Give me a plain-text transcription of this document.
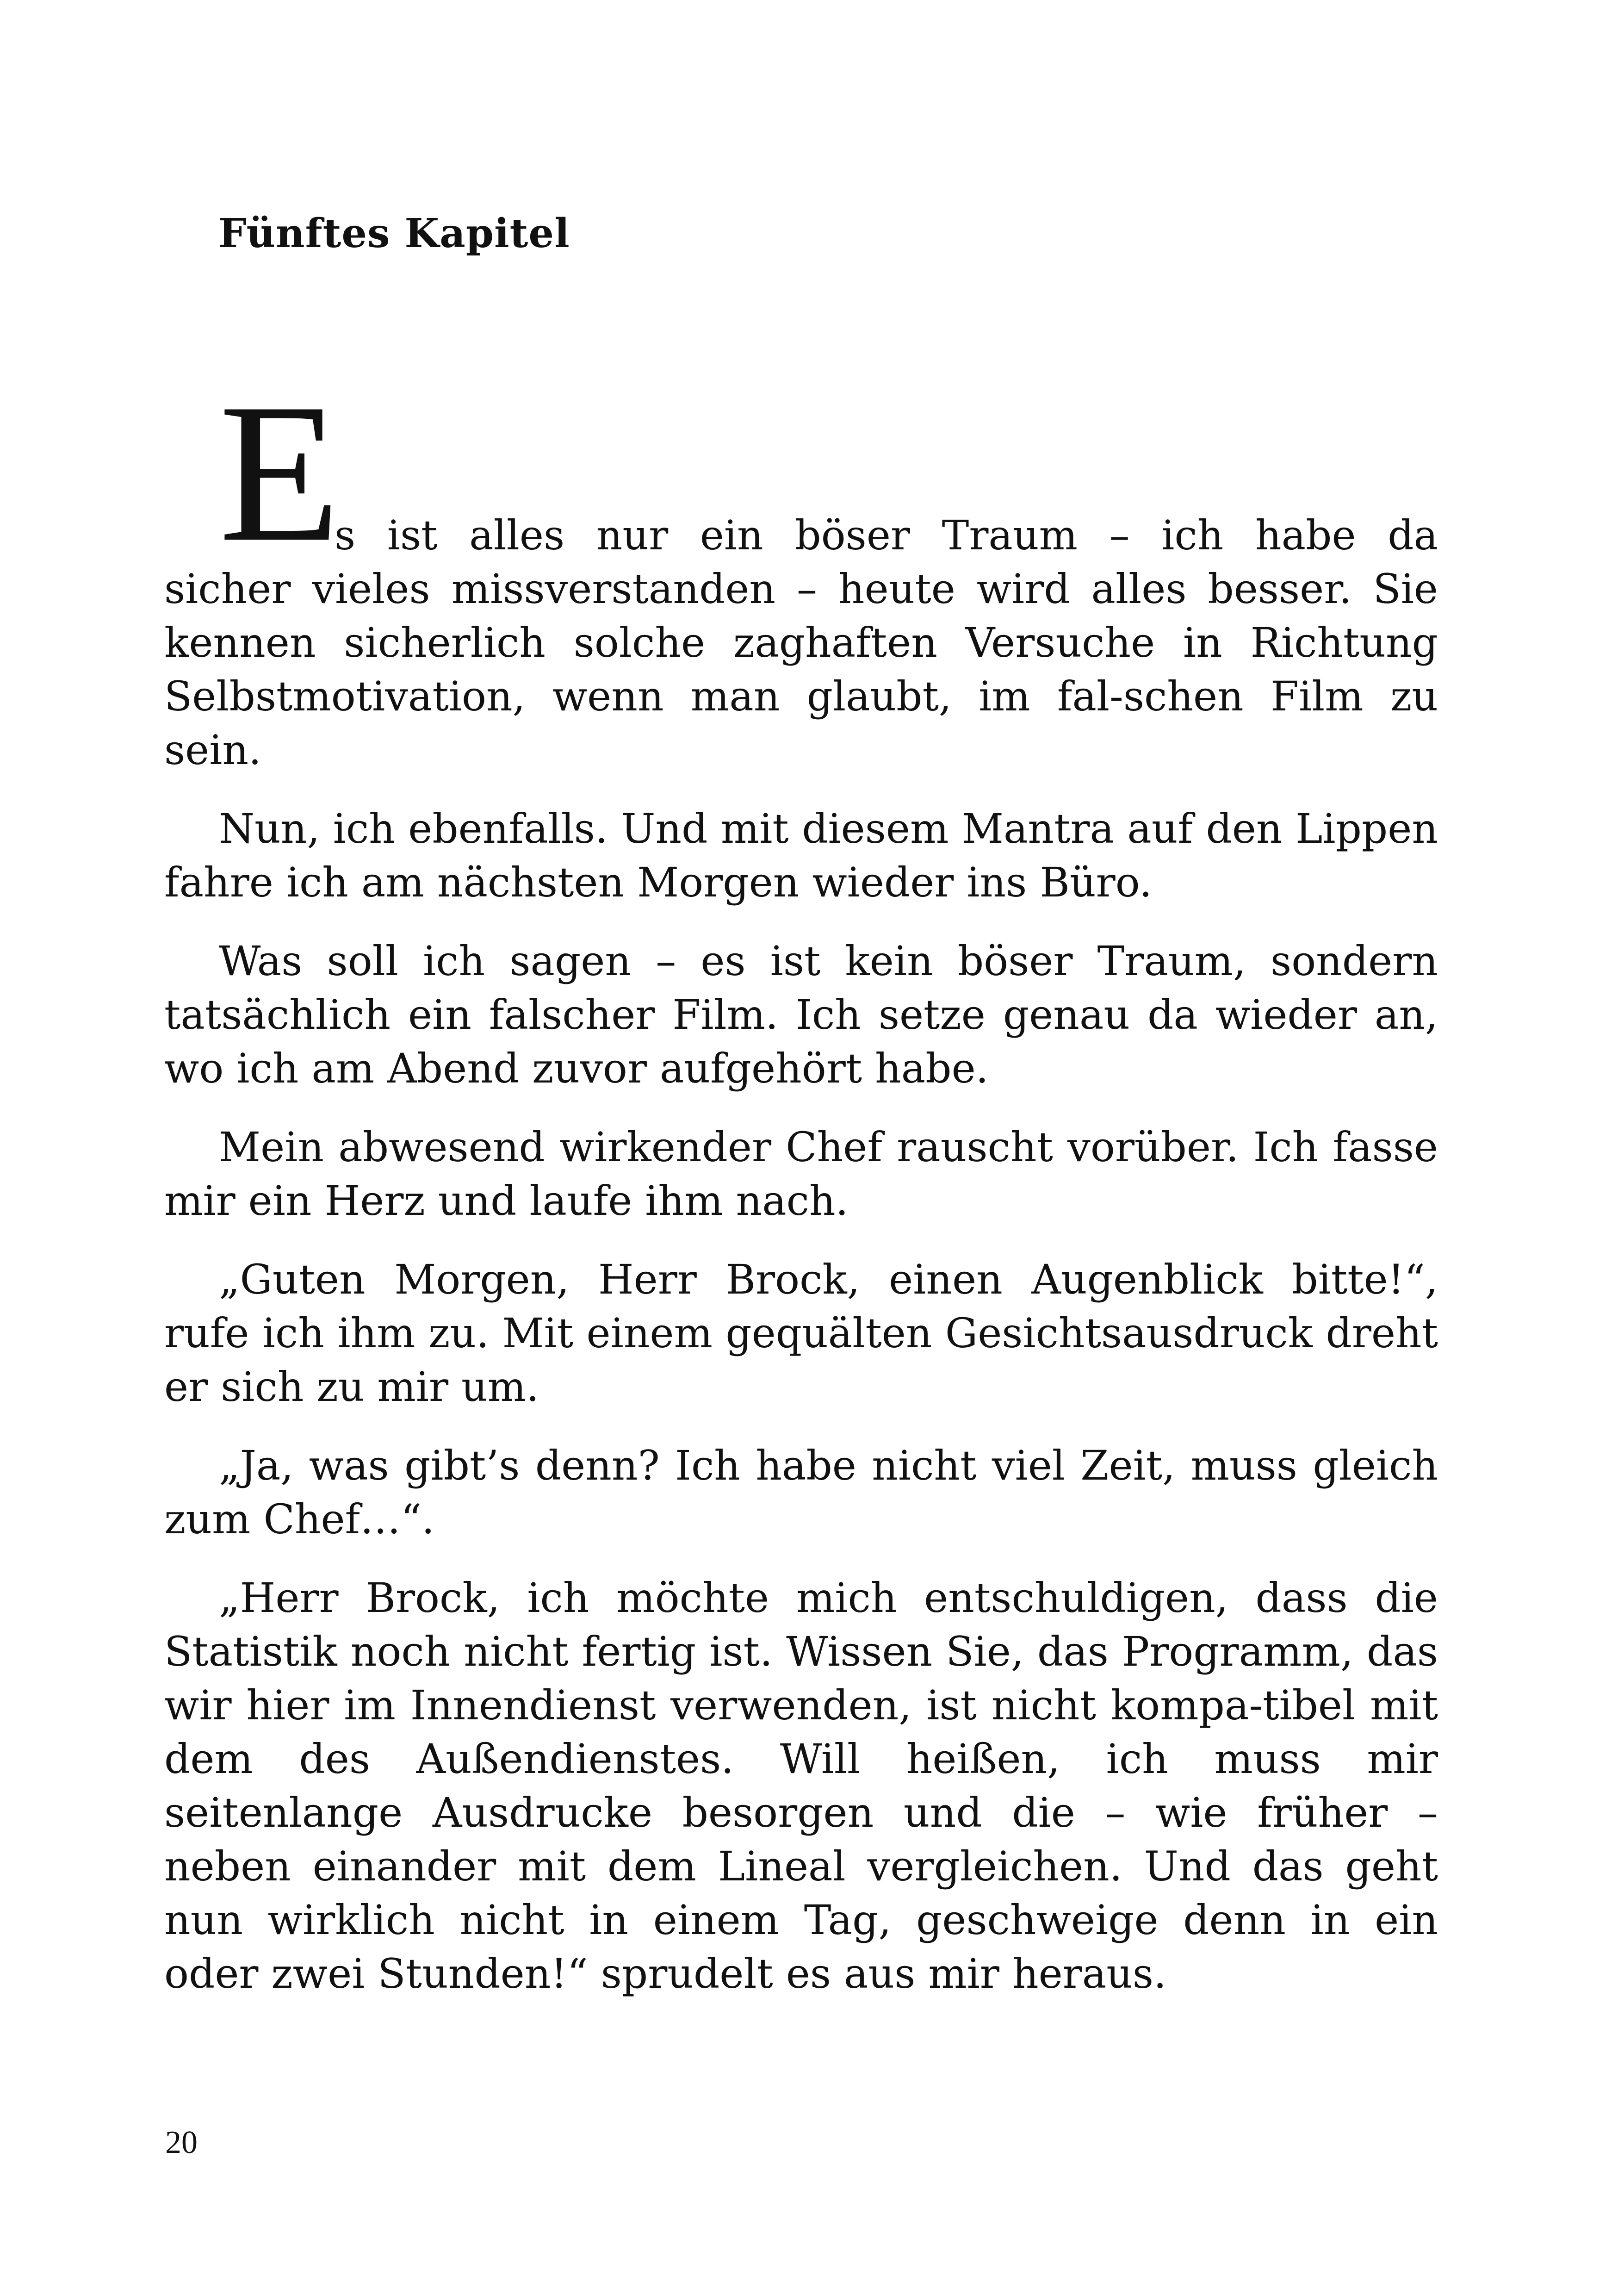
Fünftes Kapitel
E
s ist alles nur ein böser Traum – ich habe da

sicher vieles missverstanden – heute wird alles besser. Sie kennen sicherlich solche zaghaften Versuche in Richtung Selbstmotivation, wenn man glaubt, im fal-schen Film zu sein.

Nun, ich ebenfalls. Und mit diesem Mantra auf den Lippen fahre ich am nächsten Morgen wieder ins Büro.

Was soll ich sagen – es ist kein böser Traum, sondern tatsächlich ein falscher Film. Ich setze genau da wieder an, wo ich am Abend zuvor aufgehört habe.

Mein abwesend wirkender Chef rauscht vorüber. Ich fasse mir ein Herz und laufe ihm nach.

„Guten Morgen, Herr Brock, einen Augenblick bitte!“, rufe ich ihm zu. Mit einem gequälten Gesichtsausdruck dreht er sich zu mir um.

„Ja, was gibt’s denn? Ich habe nicht viel Zeit, muss gleich zum Chef…“.

„Herr Brock, ich möchte mich entschuldigen, dass die Statistik noch nicht fertig ist. Wissen Sie, das Programm, das wir hier im Innendienst verwenden, ist nicht kompa-tibel mit dem des Außendienstes. Will heißen, ich muss mir seitenlange Ausdrucke besorgen und die – wie früher – neben einander mit dem Lineal vergleichen. Und das geht nun wirklich nicht in einem Tag, geschweige denn in ein oder zwei Stunden!“ sprudelt es aus mir heraus.

20
